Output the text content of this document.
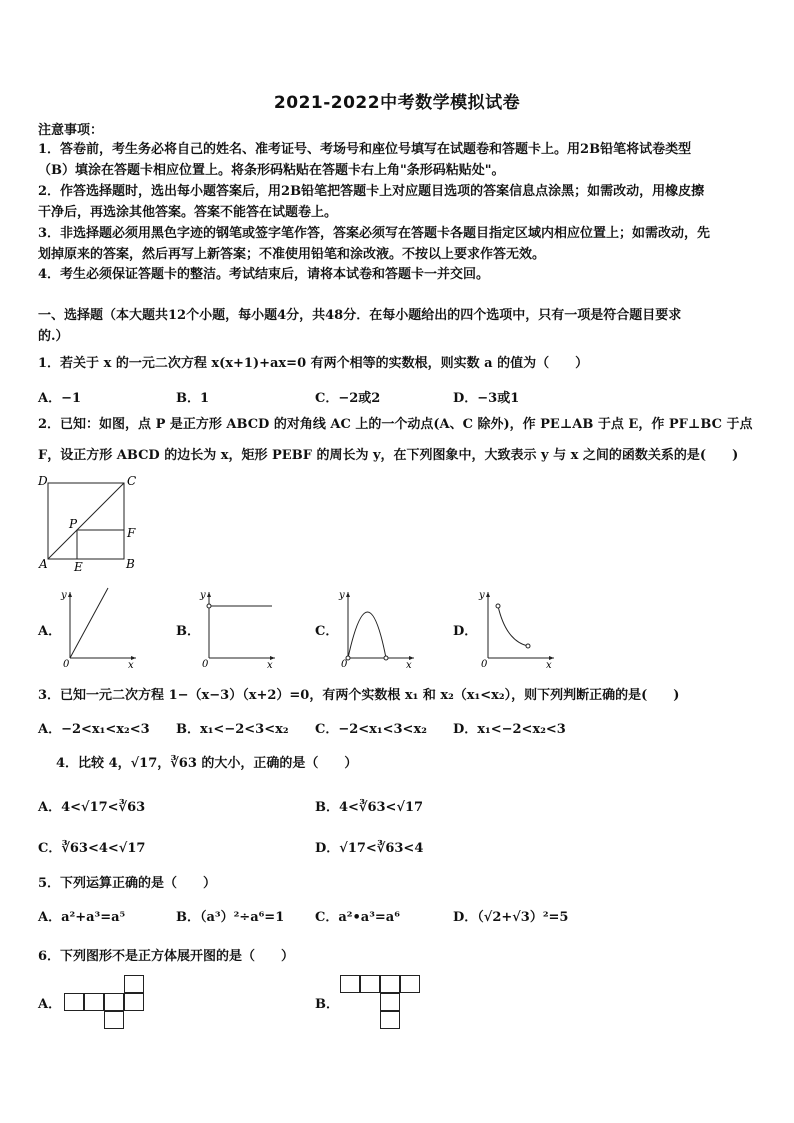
2021-2022中考数学模拟试卷
注意事项：
1．答卷前，考生务必将自己的姓名、准考证号、考场号和座位号填写在试题卷和答题卡上。用2B铅笔将试卷类型
（B）填涂在答题卡相应位置上。将条形码粘贴在答题卡右上角"条形码粘贴处"。
2．作答选择题时，选出每小题答案后，用2B铅笔把答题卡上对应题目选项的答案信息点涂黑；如需改动，用橡皮擦
干净后，再选涂其他答案。答案不能答在试题卷上。
3．非选择题必须用黑色字迹的钢笔或签字笔作答，答案必须写在答题卡各题目指定区域内相应位置上；如需改动，先
划掉原来的答案，然后再写上新答案；不准使用铅笔和涂改液。不按以上要求作答无效。
4．考生必须保证答题卡的整洁。考试结束后，请将本试卷和答题卡一并交回。
一、选择题（本大题共12个小题，每小题4分，共48分．在每小题给出的四个选项中，只有一项是符合题目要求
的.）
1．若关于 x 的一元二次方程 x(x+1)+ax=0 有两个相等的实数根，则实数 a 的值为（　　）
A．−1	B．1	C．−2或2	D．−3或1
2．已知：如图，点 P 是正方形 ABCD 的对角线 AC 上的一个动点(A、C 除外)，作 PE⊥AB 于点 E，作 PF⊥BC 于点
F，设正方形 ABCD 的边长为 x，矩形 PEBF 的周长为 y，在下列图象中，大致表示 y 与 x 之间的函数关系的是(　　)
D	C
P
F
A E	B
A．	B．	C．	D．
y
x
0
y
x
0
y
x
0
y
x
0
3．已知一元二次方程 1−（x−3）（x+2）=0，有两个实数根 x₁ 和 x₂（x₁<x₂），则下列判断正确的是(　　)
A．−2<x₁<x₂<3 B．x₁<−2<3<x₂ C．−2<x₁<3<x₂ D．x₁<−2<x₂<3
4．比较 4，√17，∛63 的大小，正确的是（　　）
A．4<√17<∛63	B．4<∛63<√17
C．∛63<4<√17	D．√17<∛63<4
5．下列运算正确的是（　　）
A．a²+a³=a⁵	B．（a³）²÷a⁶=1 C．a²•a³=a⁶	D．（√2+√3）²=5
6．下列图形不是正方体展开图的是（　　）
A．	B．
